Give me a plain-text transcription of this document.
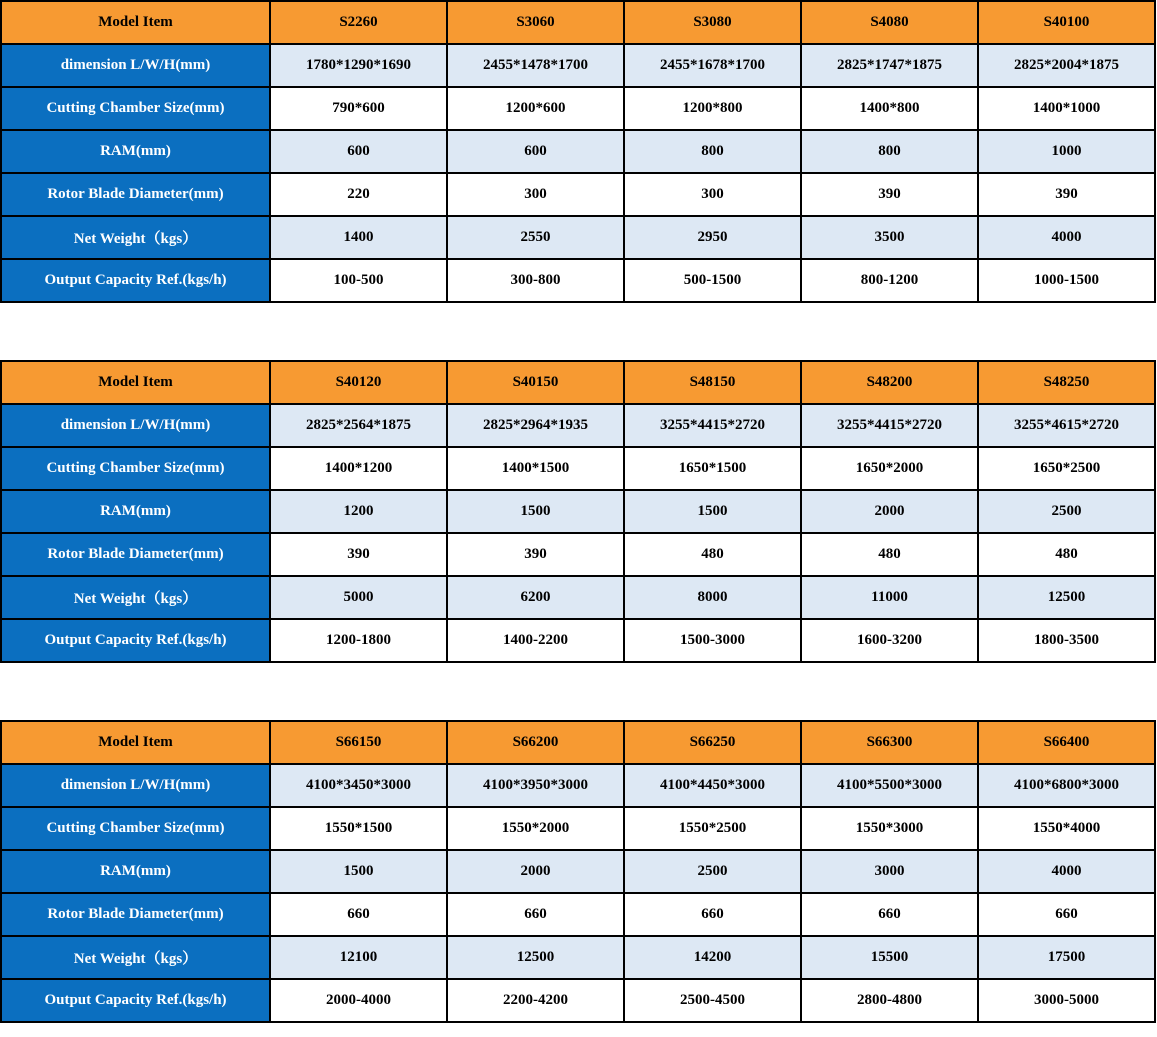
Model Item	S2260	S3060	S3080	S4080	S40100
dimension L/W/H(mm)	1780*1290*1690	2455*1478*1700	2455*1678*1700	2825*1747*1875	2825*2004*1875
Cutting Chamber Size(mm)	790*600	1200*600	1200*800	1400*800	1400*1000
RAM(mm)	600	600	800	800	1000
Rotor Blade Diameter(mm)	220	300	300	390	390
Net Weight（kgs）	1400	2550	2950	3500	4000
Output Capacity Ref.(kgs/h)	100-500	300-800	500-1500	800-1200	1000-1500
Model Item	S40120	S40150	S48150	S48200	S48250
dimension L/W/H(mm)	2825*2564*1875	2825*2964*1935	3255*4415*2720	3255*4415*2720	3255*4615*2720
Cutting Chamber Size(mm)	1400*1200	1400*1500	1650*1500	1650*2000	1650*2500
RAM(mm)	1200	1500	1500	2000	2500
Rotor Blade Diameter(mm)	390	390	480	480	480
Net Weight（kgs）	5000	6200	8000	11000	12500
Output Capacity Ref.(kgs/h)	1200-1800	1400-2200	1500-3000	1600-3200	1800-3500
Model Item	S66150	S66200	S66250	S66300	S66400
dimension L/W/H(mm)	4100*3450*3000	4100*3950*3000	4100*4450*3000	4100*5500*3000	4100*6800*3000
Cutting Chamber Size(mm)	1550*1500	1550*2000	1550*2500	1550*3000	1550*4000
RAM(mm)	1500	2000	2500	3000	4000
Rotor Blade Diameter(mm)	660	660	660	660	660
Net Weight（kgs）	12100	12500	14200	15500	17500
Output Capacity Ref.(kgs/h)	2000-4000	2200-4200	2500-4500	2800-4800	3000-5000
